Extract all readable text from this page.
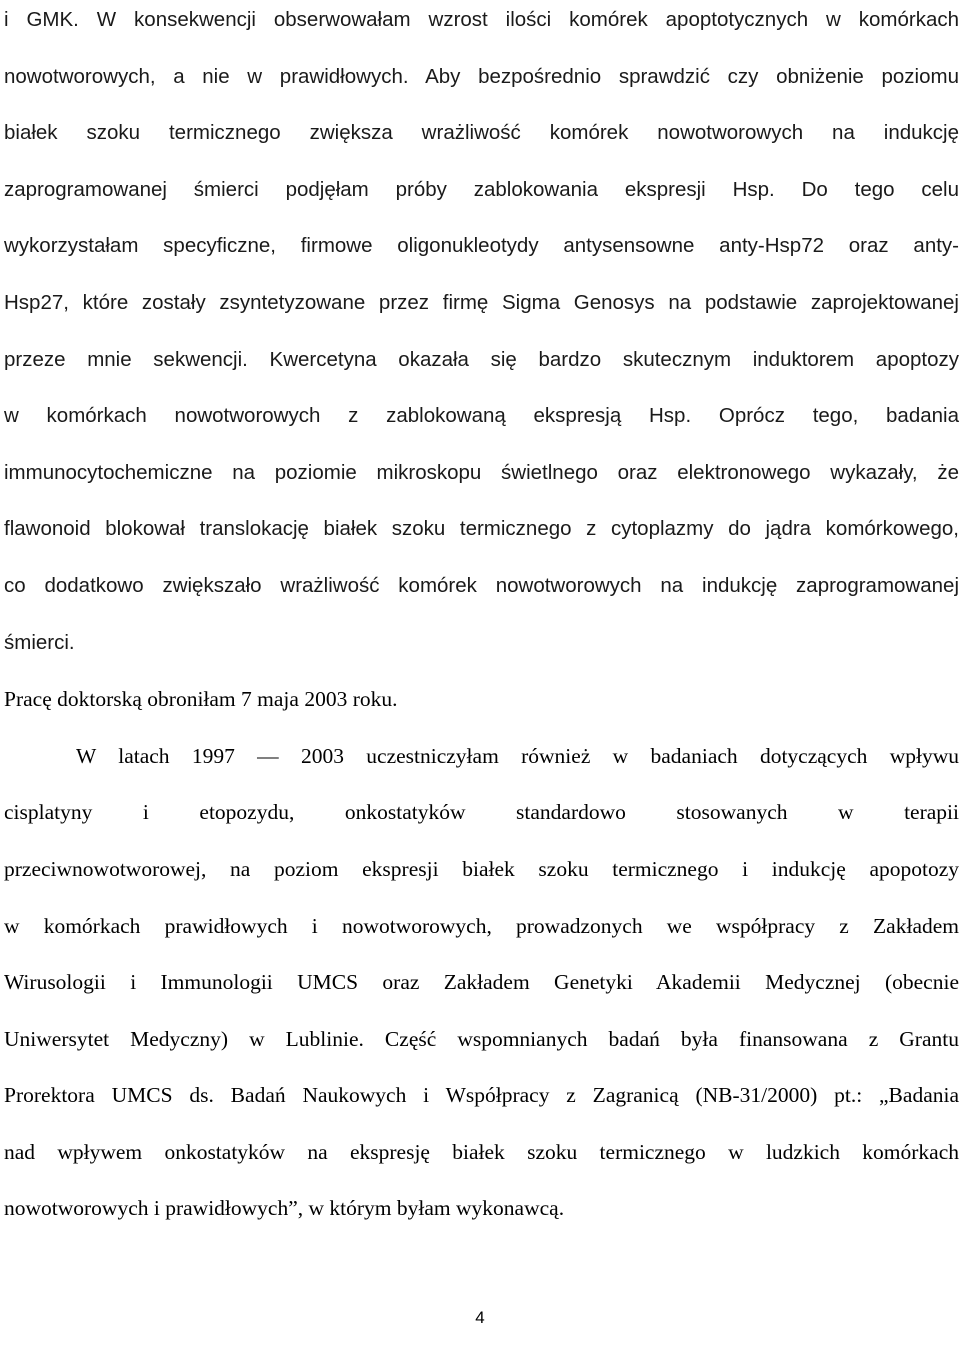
i GMK. W konsekwencji obserwowałam wzrost ilości komórek apoptotycznych w komórkach
nowotworowych, a nie w prawidłowych. Aby bezpośrednio sprawdzić czy obniżenie poziomu
białek szoku termicznego zwiększa wrażliwość komórek nowotworowych na indukcję
zaprogramowanej śmierci podjęłam próby zablokowania ekspresji Hsp. Do tego celu
wykorzystałam specyficzne, firmowe oligonukleotydy antysensowne anty-Hsp72 oraz anty-
Hsp27, które zostały zsyntetyzowane przez firmę Sigma Genosys na podstawie zaprojektowanej
przeze mnie sekwencji. Kwercetyna okazała się bardzo skutecznym induktorem apoptozy
w komórkach nowotworowych z zablokowaną ekspresją Hsp. Oprócz tego, badania
immunocytochemiczne na poziomie mikroskopu świetlnego oraz elektronowego wykazały, że
flawonoid blokował translokację białek szoku termicznego z cytoplazmy do jądra komórkowego,
co dodatkowo zwiększało wrażliwość komórek nowotworowych na indukcję zaprogramowanej
śmierci.

Pracę doktorską obroniłam 7 maja 2003 roku.

W latach 1997 — 2003 uczestniczyłam również w badaniach dotyczących wpływu
cisplatyny i etopozydu, onkostatyków standardowo stosowanych w terapii
przeciwnowotworowej, na poziom ekspresji białek szoku termicznego i indukcję apopotozy
w komórkach prawidłowych i nowotworowych, prowadzonych we współpracy z Zakładem
Wirusologii i Immunologii UMCS oraz Zakładem Genetyki Akademii Medycznej (obecnie
Uniwersytet Medyczny) w Lublinie. Część wspomnianych badań była finansowana z Grantu
Prorektora UMCS ds. Badań Naukowych i Współpracy z Zagranicą (NB-31/2000) pt.: „Badania
nad wpływem onkostatyków na ekspresję białek szoku termicznego w ludzkich komórkach
nowotworowych i prawidłowych”, w którym byłam wykonawcą.

4
